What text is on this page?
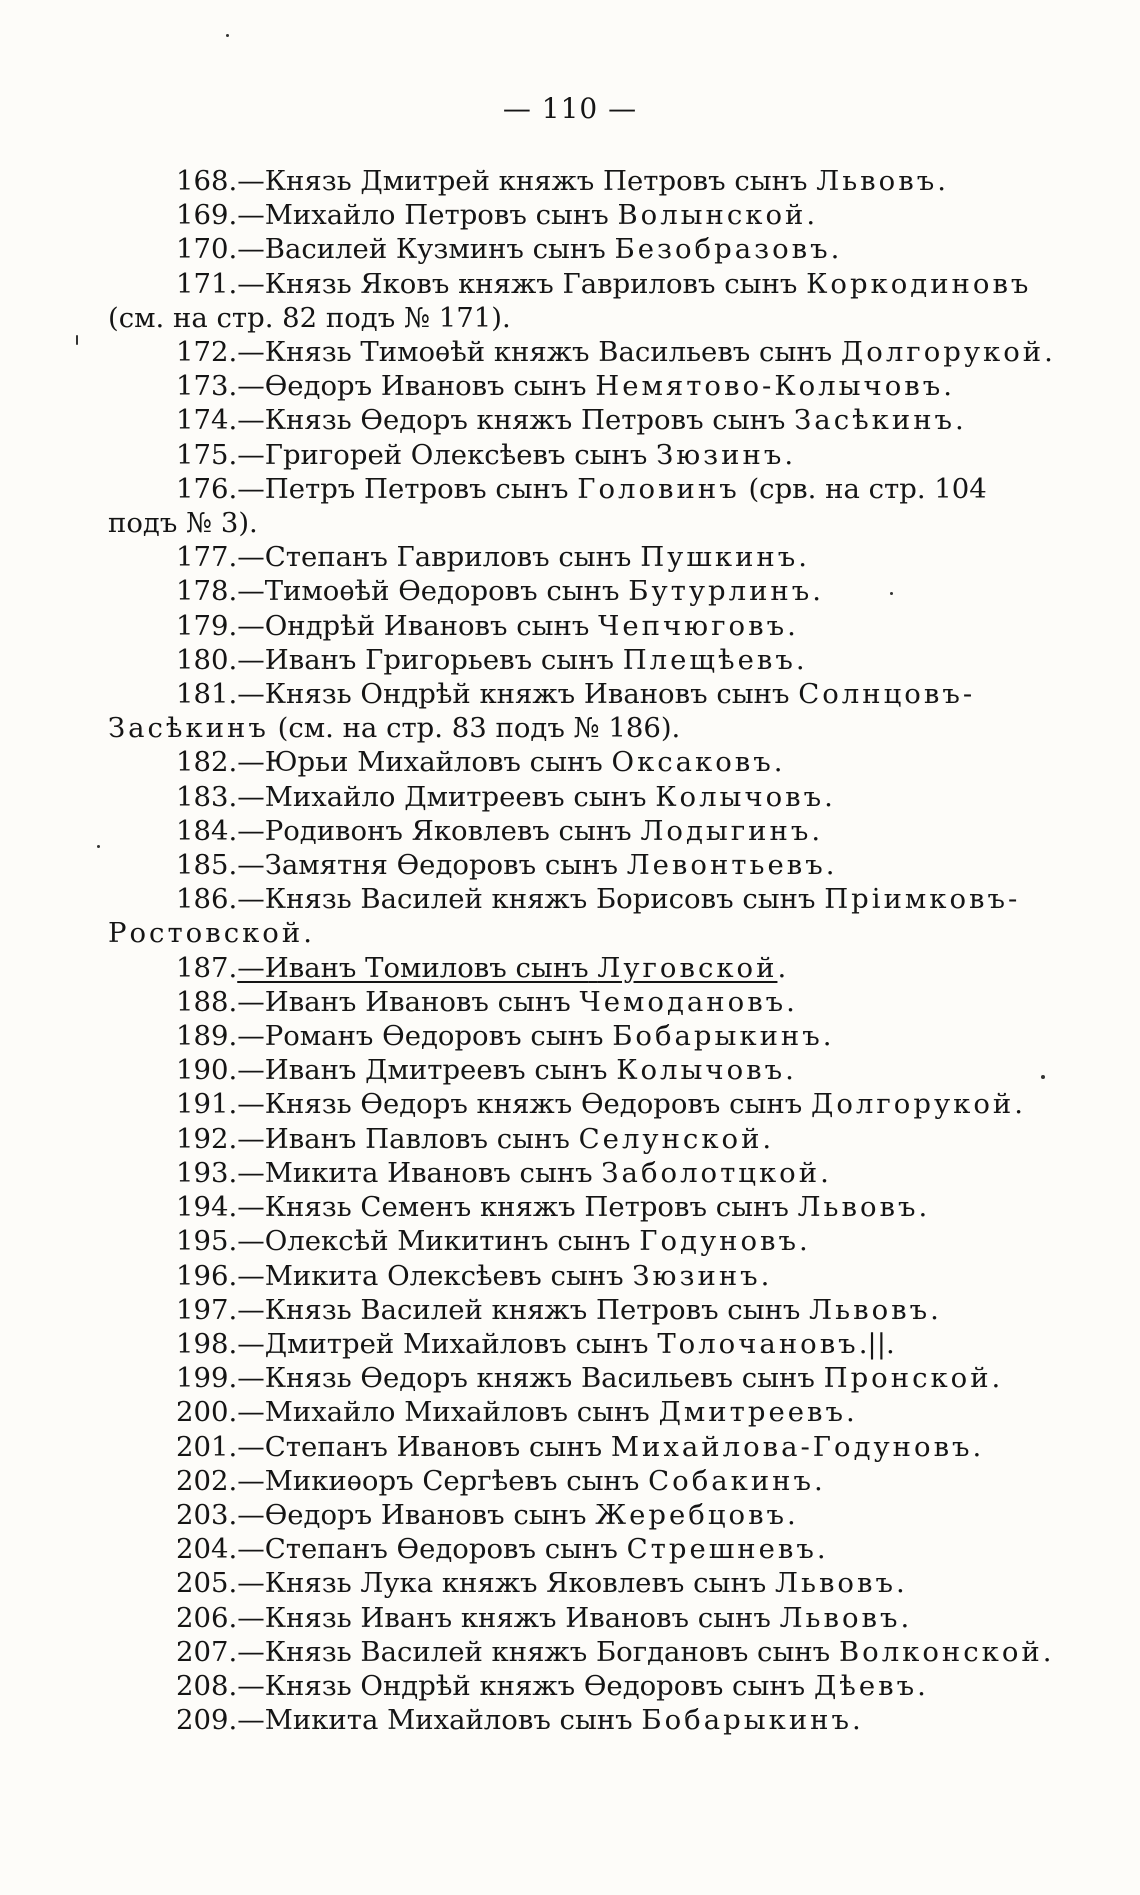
— 110 —
168.—Князь Дмитрей княжъ Петровъ сынъ Львовъ.
169.—Михайло Петровъ сынъ Волынской.
170.—Василей Кузминъ сынъ Безобразовъ.
171.—Князь Яковъ княжъ Гавриловъ сынъ Коркодиновъ (см. на стр. 82 подъ № 171).
172.—Князь Тимоѳѣй княжъ Васильевъ сынъ Долгорукой.
173.—Ѳедоръ Ивановъ сынъ Немятово-Колычовъ.
174.—Князь Ѳедоръ княжъ Петровъ сынъ Засѣкинъ.
175.—Григорей Олексѣевъ сынъ Зюзинъ.
176.—Петръ Петровъ сынъ Головинъ (срв. на стр. 104 подъ № 3).
177.—Степанъ Гавриловъ сынъ Пушкинъ.
178.—Тимоѳѣй Ѳедоровъ сынъ Бутурлинъ.
179.—Ондрѣй Ивановъ сынъ Чепчюговъ.
180.—Иванъ Григорьевъ сынъ Плещѣевъ.
181.—Князь Ондрѣй княжъ Ивановъ сынъ Солнцовъ-Засѣкинъ (см. на стр. 83 подъ № 186).
182.—Юрьи Михайловъ сынъ Оксаковъ.
183.—Михайло Дмитреевъ сынъ Колычовъ.
184.—Родивонъ Яковлевъ сынъ Лодыгинъ.
185.—Замятня Ѳедоровъ сынъ Левонтьевъ.
186.—Князь Василей княжъ Борисовъ сынъ Пріимковъ-Ростовской.
187.—Иванъ Томиловъ сынъ Луговской.
188.—Иванъ Ивановъ сынъ Чемодановъ.
189.—Романъ Ѳедоровъ сынъ Бобарыкинъ.
190.—Иванъ Дмитреевъ сынъ Колычовъ.
191.—Князь Ѳедоръ княжъ Ѳедоровъ сынъ Долгорукой.
192.—Иванъ Павловъ сынъ Селунской.
193.—Микита Ивановъ сынъ Заболотцкой.
194.—Князь Семенъ княжъ Петровъ сынъ Львовъ.
195.—Олексѣй Микитинъ сынъ Годуновъ.
196.—Микита Олексѣевъ сынъ Зюзинъ.
197.—Князь Василей княжъ Петровъ сынъ Львовъ.
198.—Дмитрей Михайловъ сынъ Толочановъ.||.
199.—Князь Ѳедоръ княжъ Васильевъ сынъ Пронской.
200.—Михайло Михайловъ сынъ Дмитреевъ.
201.—Степанъ Ивановъ сынъ Михайлова-Годуновъ.
202.—Микиѳоръ Сергѣевъ сынъ Собакинъ.
203.—Ѳедоръ Ивановъ сынъ Жеребцовъ.
204.—Степанъ Ѳедоровъ сынъ Стрешневъ.
205.—Князь Лука княжъ Яковлевъ сынъ Львовъ.
206.—Князь Иванъ княжъ Ивановъ сынъ Львовъ.
207.—Князь Василей княжъ Богдановъ сынъ Волконской.
208.—Князь Ондрѣй княжъ Ѳедоровъ сынъ Дѣевъ.
209.—Микита Михайловъ сынъ Бобарыкинъ.
